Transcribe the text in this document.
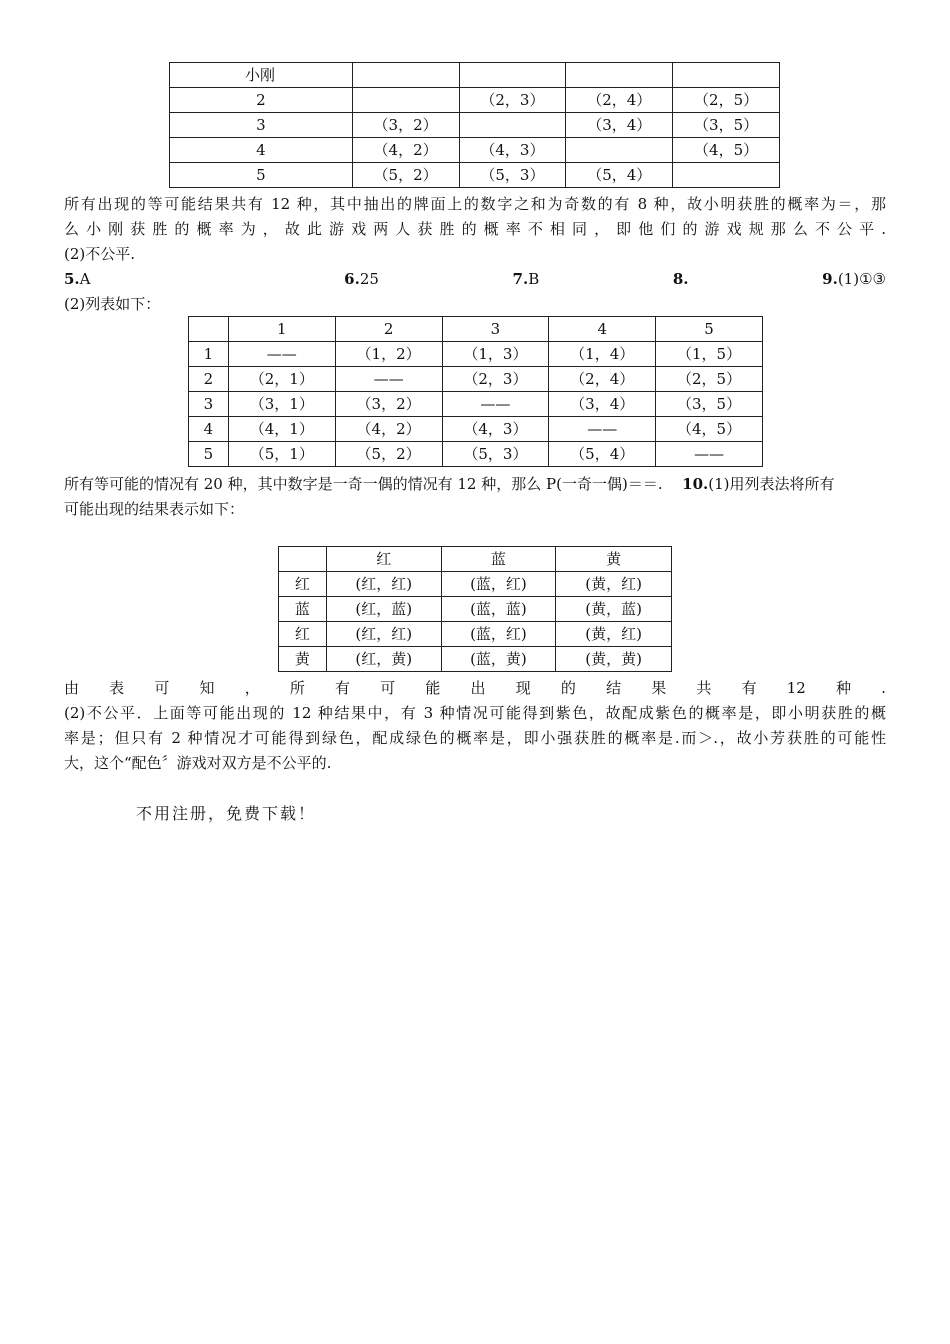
小刚				
2		（2，3）	（2，4）	（2，5）
3	（3，2）		（3，4）	（3，5）
4	（4，2）	（4，3）		（4，5）
5	（5，2）	（5，3）	（5，4）	
所有出现的等可能结果共有 12 种，其中抽出的牌面上的数字之和为奇数的有 8 种，故小明获胜的概率为＝，那
么小刚获胜的概率为，故此游戏两人获胜的概率不相同，即他们的游戏规那么不公平.
(2)不公平.
5.A	6.25	7.B	8.	9.(1)①③
(2)列表如下：
	1	2	3	4	5
1	——	（1，2）	（1，3）	（1，4）	（1，5）
2	（2，1）	——	（2，3）	（2，4）	（2，5）
3	（3，1）	（3，2）	——	（3，4）	（3，5）
4	（4，1）	（4，2）	（4，3）	——	（4，5）
5	（5，1）	（5，2）	（5，3）	（5，4）	——
所有等可能的情况有 20 种，其中数字是一奇一偶的情况有 12 种，那么 P(一奇一偶)＝＝. 10.(1)用列表法将所有
可能出现的结果表示如下：
	红	蓝	黄
红	(红，红)	(蓝，红)	(黄，红)
蓝	(红，蓝)	(蓝，蓝)	(黄，蓝)
红	(红，红)	(蓝，红)	(黄，红)
黄	(红，黄)	(蓝，黄)	(黄，黄)
由 表 可 知 ， 所 有 可 能 出 现 的 结 果 共 有 12 种 .
(2)不公平．上面等可能出现的 12 种结果中，有 3 种情况可能得到紫色，故配成紫色的概率是，即小明获胜的概
率是；但只有 2 种情况才可能得到绿色，配成绿色的概率是，即小强获胜的概率是.而＞.，故小芳获胜的可能性
大，这个“配色〞游戏对双方是不公平的.
不用注册，免费下载！
